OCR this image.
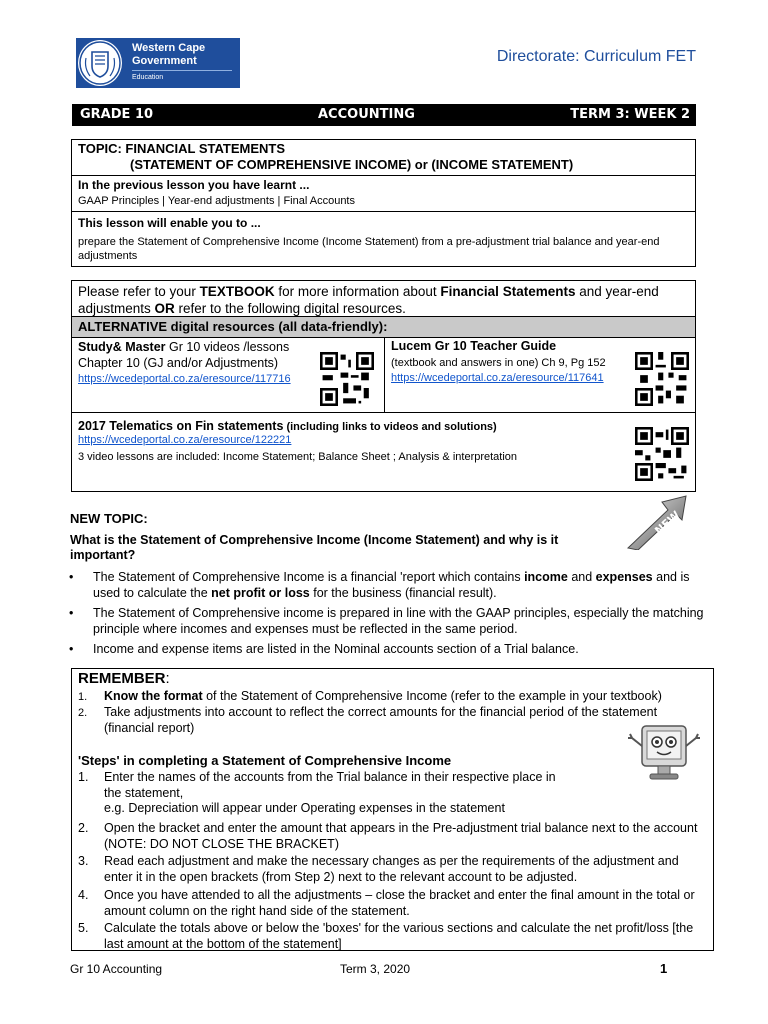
Western Cape
Government
Education
Directorate: Curriculum FET
GRADE 10	ACCOUNTING	TERM 3: WEEK 2
TOPIC: FINANCIAL STATEMENTS
(STATEMENT OF COMPREHENSIVE INCOME) or (INCOME STATEMENT)
In the previous lesson you have learnt ...
GAAP Principles | Year-end adjustments | Final Accounts
This lesson will enable you to ...
prepare the Statement of Comprehensive Income (Income Statement) from a pre-adjustment trial balance and year-end adjustments
Please refer to your TEXTBOOK for more information about Financial Statements and year-end adjustments OR refer to the following digital resources.
ALTERNATIVE digital resources (all data-friendly):
Study& Master Gr 10 videos /lessons Chapter 10 (GJ and/or Adjustments)
https://wcedeportal.co.za/eresource/117716
Lucem Gr 10 Teacher Guide
(textbook and answers in one) Ch 9, Pg 152
https://wcedeportal.co.za/eresource/117641
2017 Telematics on Fin statements (including links to videos and solutions)
https://wcedeportal.co.za/eresource/122221
3 video lessons are included: Income Statement; Balance Sheet ; Analysis & interpretation
NEW TOPIC:
What is the Statement of Comprehensive Income (Income Statement) and why is it important?
NEW
• The Statement of Comprehensive Income is a financial 'report which contains income and expenses and is used to calculate the net profit or loss for the business (financial result).
• The Statement of Comprehensive income is prepared in line with the GAAP principles, especially the matching principle where incomes and expenses must be reflected in the same period.
• Income and expense items are listed in the Nominal accounts section of a Trial balance.
REMEMBER:
1. Know the format of the Statement of Comprehensive Income (refer to the example in your textbook)
2. Take adjustments into account to reflect the correct amounts for the financial period of the statement (financial report)
'Steps' in completing a Statement of Comprehensive Income
1. Enter the names of the accounts from the Trial balance in their respective place in the statement,
e.g. Depreciation will appear under Operating expenses in the statement
2. Open the bracket and enter the amount that appears in the Pre-adjustment trial balance next to the account (NOTE: DO NOT CLOSE THE BRACKET)
3. Read each adjustment and make the necessary changes as per the requirements of the adjustment and enter it in the open brackets (from Step 2) next to the relevant account to be adjusted.
4. Once you have attended to all the adjustments – close the bracket and enter the final amount in the total or amount column on the right hand side of the statement.
5. Calculate the totals above or below the 'boxes' for the various sections and calculate the net profit/loss [the last amount at the bottom of the statement]
Gr 10 Accounting	Term 3, 2020	1
